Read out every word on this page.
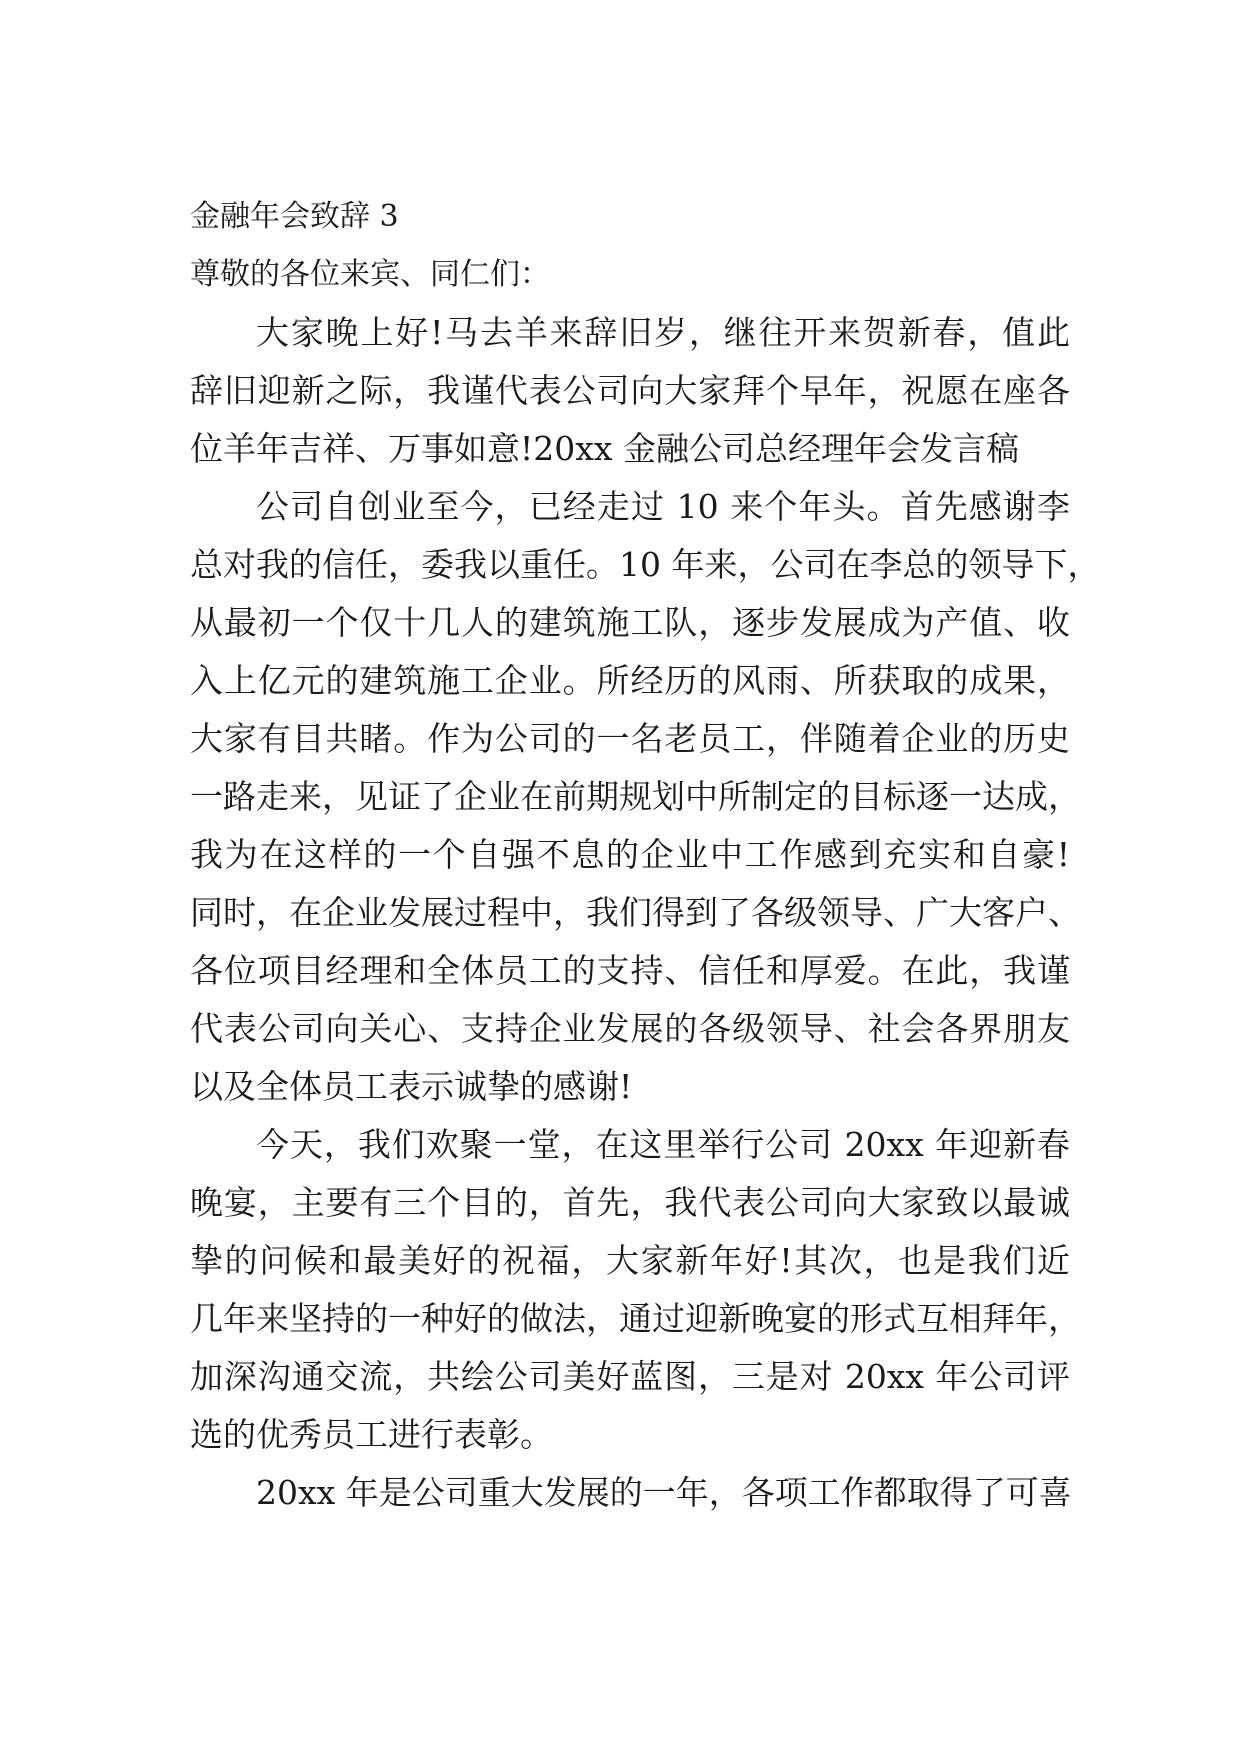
金融年会致辞 3

尊敬的各位来宾、同仁们：

大家晚上好!马去羊来辞旧岁，继往开来贺新春，值此
辞旧迎新之际，我谨代表公司向大家拜个早年，祝愿在座各
位羊年吉祥、万事如意!20xx 金融公司总经理年会发言稿
公司自创业至今，已经走过 10 来个年头。首先感谢李
总对我的信任，委我以重任。10 年来，公司在李总的领导下，
从最初一个仅十几人的建筑施工队，逐步发展成为产值、收
入上亿元的建筑施工企业。所经历的风雨、所获取的成果，
大家有目共睹。作为公司的一名老员工，伴随着企业的历史
一路走来，见证了企业在前期规划中所制定的目标逐一达成，
我为在这样的一个自强不息的企业中工作感到充实和自豪!
同时，在企业发展过程中，我们得到了各级领导、广大客户、
各位项目经理和全体员工的支持、信任和厚爱。在此，我谨
代表公司向关心、支持企业发展的各级领导、社会各界朋友
以及全体员工表示诚挚的感谢!
今天，我们欢聚一堂，在这里举行公司 20xx 年迎新春
晚宴，主要有三个目的，首先，我代表公司向大家致以最诚
挚的问候和最美好的祝福，大家新年好!其次，也是我们近
几年来坚持的一种好的做法，通过迎新晚宴的形式互相拜年，
加深沟通交流，共绘公司美好蓝图，三是对 20xx 年公司评
选的优秀员工进行表彰。
20xx 年是公司重大发展的一年，各项工作都取得了可喜
